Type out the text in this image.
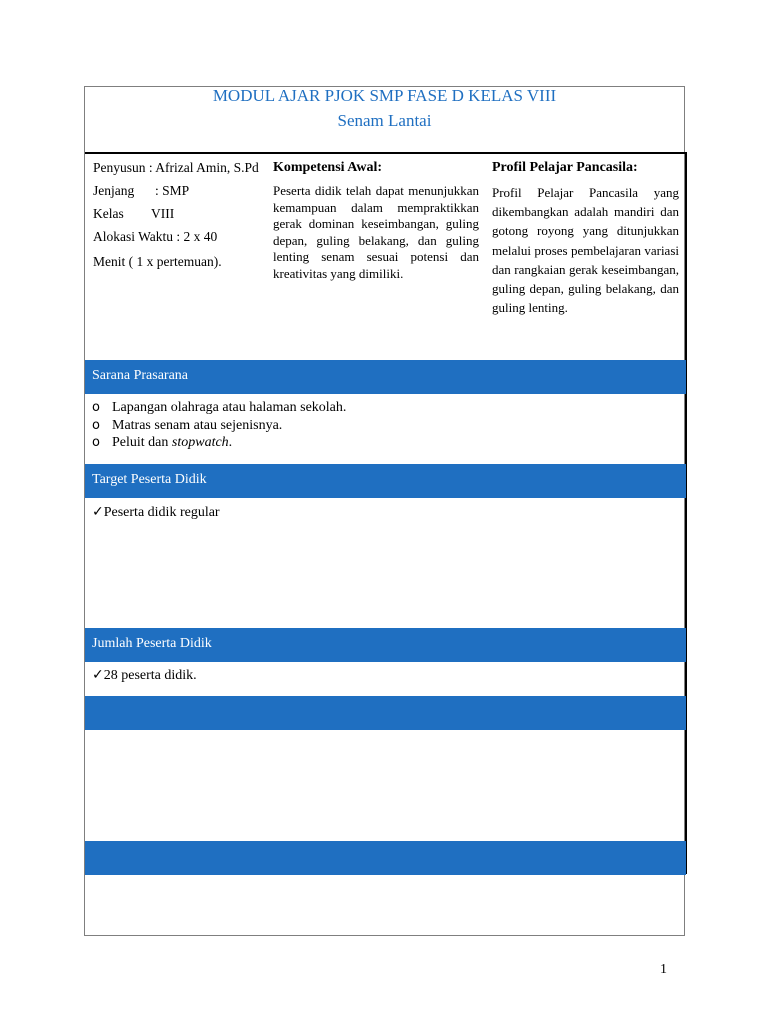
MODUL AJAR PJOK SMP FASE D KELAS VIII
Senam Lantai
Penyusun : Afrizal Amin, S.Pd
Jenjang : SMP
Kelas VIII
Alokasi Waktu : 2 x 40
Menit ( 1 x pertemuan).
Kompetensi Awal:
Peserta didik telah dapat menunjukkan kemampuan dalam mempraktikkan gerak dominan keseimbangan, guling depan, guling belakang, dan guling lenting senam sesuai potensi dan kreativitas yang dimiliki.
Profil Pelajar Pancasila:
Profil Pelajar Pancasila yang dikembangkan adalah mandiri dan gotong royong yang ditunjukkan melalui proses pembelajaran variasi dan rangkaian gerak keseimbangan, guling depan, guling belakang, dan guling lenting.
Sarana Prasarana
o Lapangan olahraga atau halaman sekolah.
o Matras senam atau sejenisnya.
o Peluit dan stopwatch.
Target Peserta Didik
✓Peserta didik regular
Jumlah Peserta Didik
✓28 peserta didik.
1
